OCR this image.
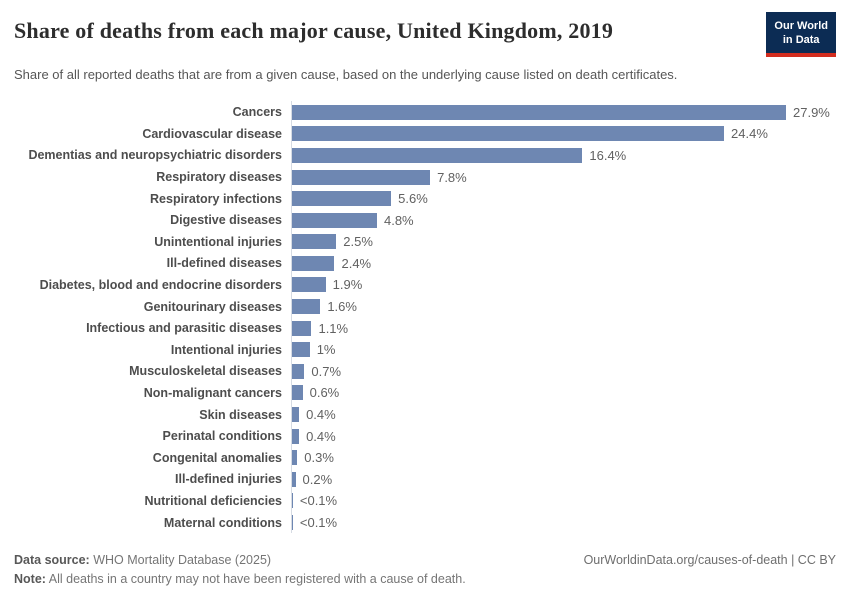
Share of deaths from each major cause, United Kingdom, 2019	Our World
in Data

Share of all reported deaths that are from a given cause, based on the underlying cause listed on death certificates.

Cancers	27.9%
Cardiovascular disease	24.4%
Dementias and neuropsychiatric disorders	16.4%
Respiratory diseases	7.8%
Respiratory infections	5.6%
Digestive diseases	4.8%
Unintentional injuries	2.5%
Ill-defined diseases	2.4%
Diabetes, blood and endocrine disorders	1.9%
Genitourinary diseases	1.6%
Infectious and parasitic diseases	1.1%
Intentional injuries	1%
Musculoskeletal diseases	0.7%
Non-malignant cancers	0.6%
Skin diseases	0.4%
Perinatal conditions	0.4%
Congenital anomalies	0.3%
Ill-defined injuries	0.2%
Nutritional deficiencies	<0.1%
Maternal conditions	<0.1%
Data source: WHO Mortality Database (2025)	OurWorldinData.org/causes-of-death | CC BY
Note: All deaths in a country may not have been registered with a cause of death.
